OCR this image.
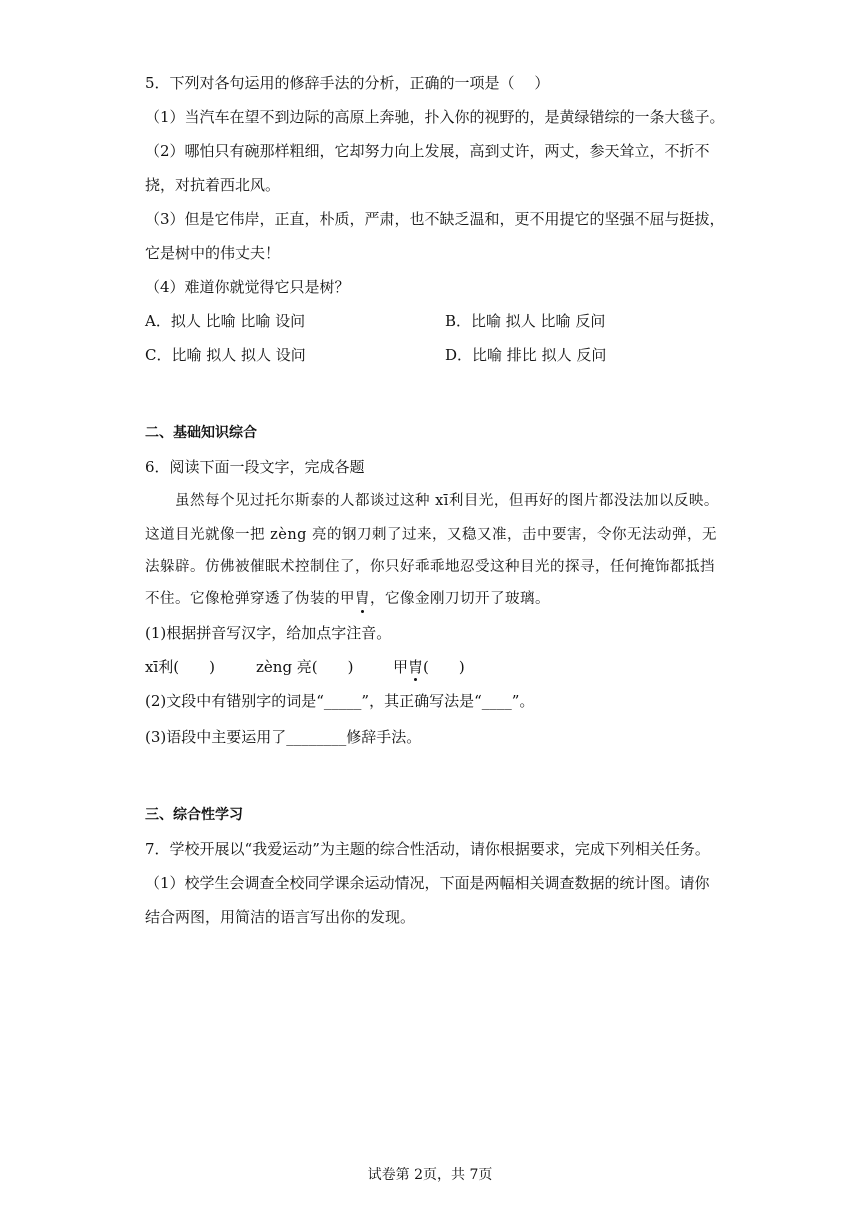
5．下列对各句运用的修辞手法的分析，正确的一项是（　 ）
（1）当汽车在望不到边际的高原上奔驰，扑入你的视野的，是黄绿错综的一条大毯子。
（2）哪怕只有碗那样粗细，它却努力向上发展，高到丈许，两丈，参天耸立，不折不
挠，对抗着西北风。
（3）但是它伟岸，正直，朴质，严肃，也不缺乏温和，更不用提它的坚强不屈与挺拔，
它是树中的伟丈夫！
（4）难道你就觉得它只是树？
A．拟人 比喻 比喻 设问	B．比喻 拟人 比喻 反问
C．比喻 拟人 拟人 设问	D．比喻 排比 拟人 反问
二、基础知识综合
6．阅读下面一段文字，完成各题
虽然每个见过托尔斯泰的人都谈过这种 xī利目光，但再好的图片都没法加以反映。
这道目光就像一把 zèng 亮的钢刀刺了过来，又稳又准，击中要害，令你无法动弹，无
法躲辟。仿佛被催眠术控制住了，你只好乖乖地忍受这种目光的探寻，任何掩饰都抵挡
不住。它像枪弹穿透了伪装的甲胄，它像金刚刀切开了玻璃。
(1)根据拼音写汉字，给加点字注音。
xī利(　　)	zèng 亮(　　)	甲胄(　　)
(2)文段中有错别字的词是“_____”，其正确写法是“____”。
(3)语段中主要运用了________修辞手法。
三、综合性学习
7．学校开展以“我爱运动”为主题的综合性活动，请你根据要求，完成下列相关任务。
（1）校学生会调查全校同学课余运动情况，下面是两幅相关调查数据的统计图。请你
结合两图，用简洁的语言写出你的发现。
试卷第 2页，共 7页
